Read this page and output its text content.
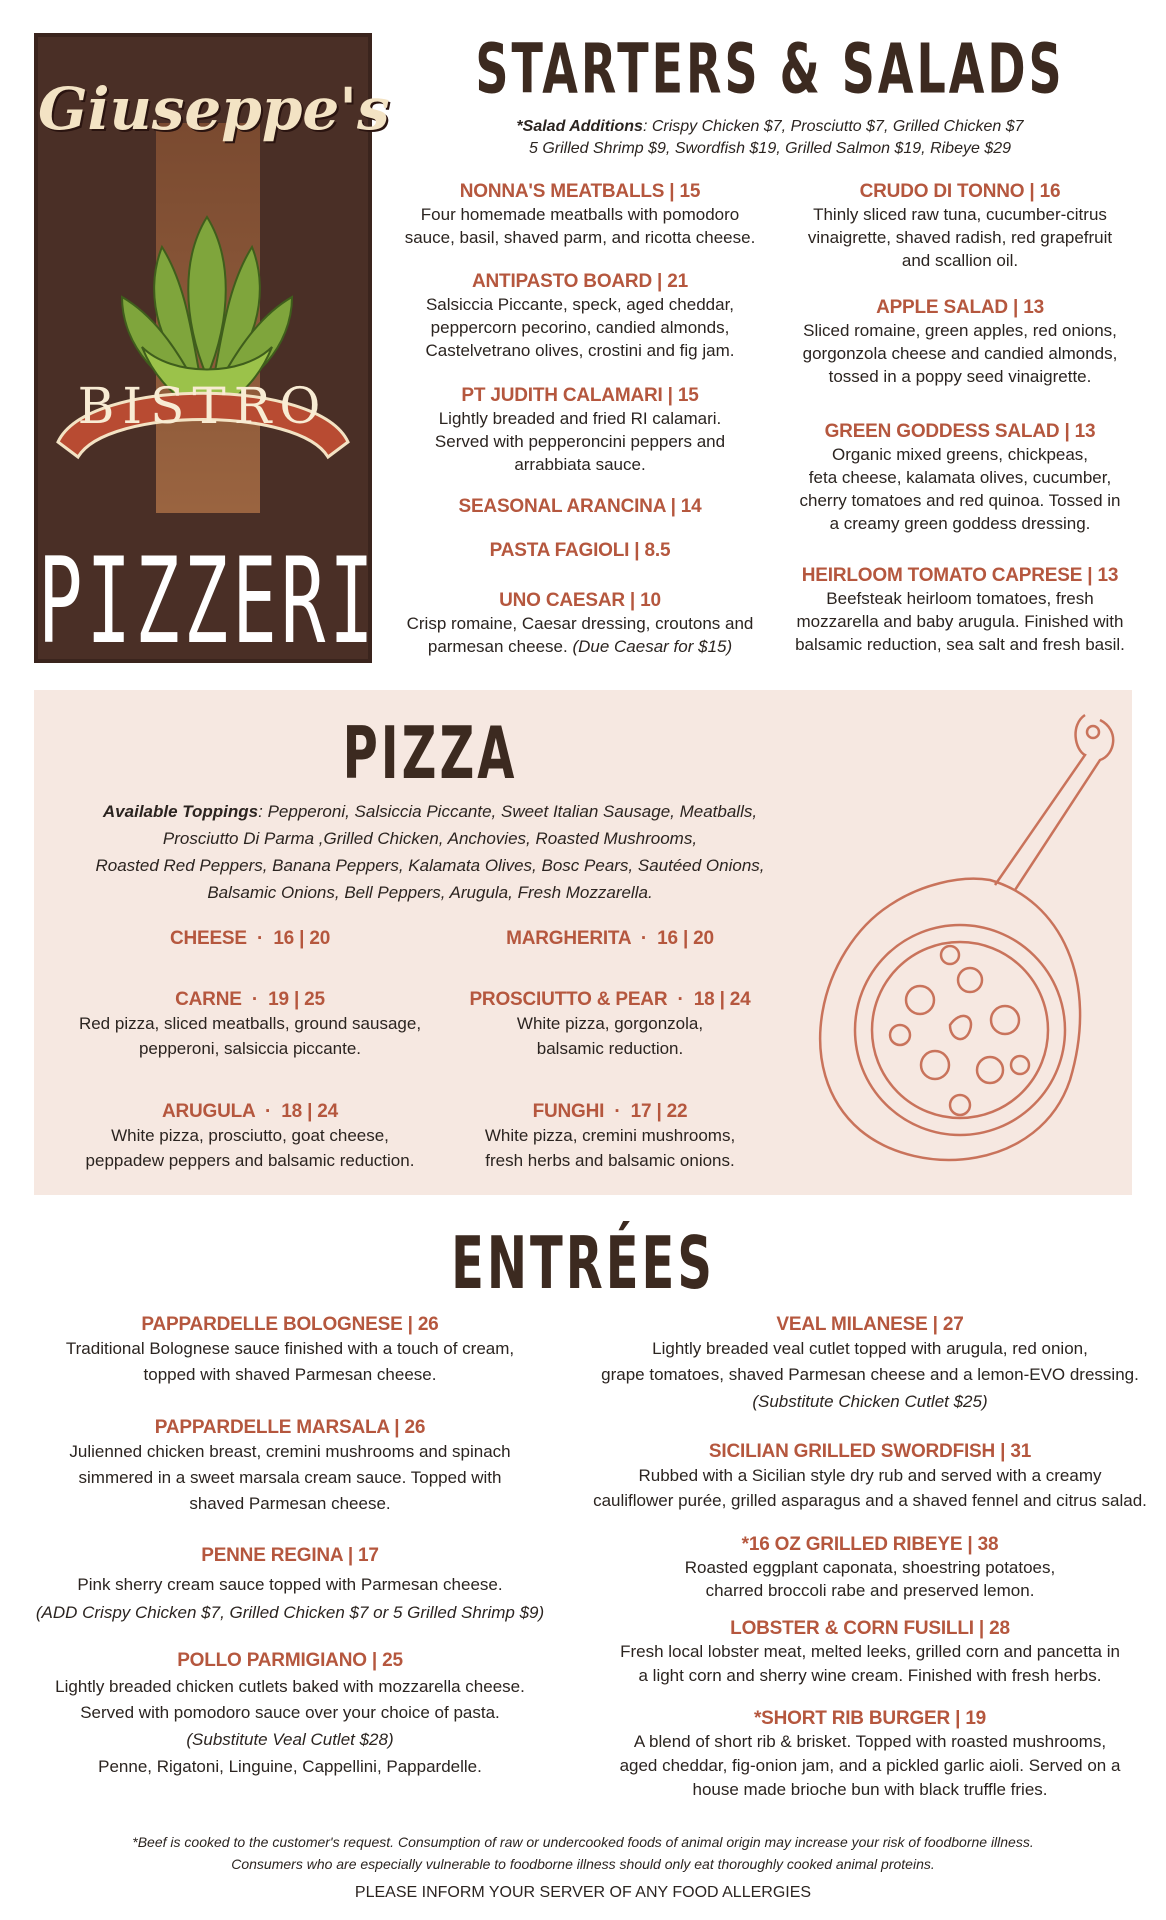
Giuseppe's
BISTRO
PIZZERIA
STARTERS & SALADS
*Salad Additions: Crispy Chicken $7, Prosciutto $7, Grilled Chicken $7
5 Grilled Shrimp $9, Swordfish $19, Grilled Salmon $19, Ribeye $29
NONNA'S MEATBALLS | 15
Four homemade meatballs with pomodoro
sauce, basil, shaved parm, and ricotta cheese.
ANTIPASTO BOARD | 21
Salsiccia Piccante, speck, aged cheddar,
peppercorn pecorino, candied almonds,
Castelvetrano olives, crostini and fig jam.
PT JUDITH CALAMARI | 15
Lightly breaded and fried RI calamari.
Served with pepperoncini peppers and
arrabbiata sauce.
SEASONAL ARANCINA | 14
PASTA FAGIOLI | 8.5
UNO CAESAR | 10
Crisp romaine, Caesar dressing, croutons and
parmesan cheese. (Due Caesar for $15)
CRUDO DI TONNO | 16
Thinly sliced raw tuna, cucumber-citrus
vinaigrette, shaved radish, red grapefruit
and scallion oil.
APPLE SALAD | 13
Sliced romaine, green apples, red onions,
gorgonzola cheese and candied almonds,
tossed in a poppy seed vinaigrette.
GREEN GODDESS SALAD | 13
Organic mixed greens, chickpeas,
feta cheese, kalamata olives, cucumber,
cherry tomatoes and red quinoa. Tossed in
a creamy green goddess dressing.
HEIRLOOM TOMATO CAPRESE | 13
Beefsteak heirloom tomatoes, fresh
mozzarella and baby arugula. Finished with
balsamic reduction, sea salt and fresh basil.
PIZZA
Available Toppings: Pepperoni, Salsiccia Piccante, Sweet Italian Sausage, Meatballs,
Prosciutto Di Parma ,Grilled Chicken, Anchovies, Roasted Mushrooms,
Roasted Red Peppers, Banana Peppers, Kalamata Olives, Bosc Pears, Sautéed Onions,
Balsamic Onions, Bell Peppers, Arugula, Fresh Mozzarella.
CHEESE  ·  16 | 20	MARGHERITA  ·  16 | 20
CARNE  ·  19 | 25
Red pizza, sliced meatballs, ground sausage,
pepperoni, salsiccia piccante.
PROSCIUTTO & PEAR  ·  18 | 24
White pizza, gorgonzola,
balsamic reduction.
ARUGULA  ·  18 | 24
White pizza, prosciutto, goat cheese,
peppadew peppers and balsamic reduction.
FUNGHI  ·  17 | 22
White pizza, cremini mushrooms,
fresh herbs and balsamic onions.
ENTRÉES
PAPPARDELLE BOLOGNESE | 26
Traditional Bolognese sauce finished with a touch of cream,
topped with shaved Parmesan cheese.
PAPPARDELLE MARSALA | 26
Julienned chicken breast, cremini mushrooms and spinach
simmered in a sweet marsala cream sauce. Topped with
shaved Parmesan cheese.
PENNE REGINA | 17
Pink sherry cream sauce topped with Parmesan cheese.
(ADD Crispy Chicken $7, Grilled Chicken $7 or 5 Grilled Shrimp $9)
POLLO PARMIGIANO | 25
Lightly breaded chicken cutlets baked with mozzarella cheese.
Served with pomodoro sauce over your choice of pasta.
(Substitute Veal Cutlet $28)
Penne, Rigatoni, Linguine, Cappellini, Pappardelle.
VEAL MILANESE | 27
Lightly breaded veal cutlet topped with arugula, red onion,
grape tomatoes, shaved Parmesan cheese and a lemon-EVO dressing.
(Substitute Chicken Cutlet $25)
SICILIAN GRILLED SWORDFISH | 31
Rubbed with a Sicilian style dry rub and served with a creamy
cauliflower purée, grilled asparagus and a shaved fennel and citrus salad.
*16 OZ GRILLED RIBEYE | 38
Roasted eggplant caponata, shoestring potatoes,
charred broccoli rabe and preserved lemon.
LOBSTER & CORN FUSILLI | 28
Fresh local lobster meat, melted leeks, grilled corn and pancetta in
a light corn and sherry wine cream. Finished with fresh herbs.
*SHORT RIB BURGER | 19
A blend of short rib & brisket. Topped with roasted mushrooms,
aged cheddar, fig-onion jam, and a pickled garlic aioli. Served on a
house made brioche bun with black truffle fries.
*Beef is cooked to the customer's request. Consumption of raw or undercooked foods of animal origin may increase your risk of foodborne illness.
Consumers who are especially vulnerable to foodborne illness should only eat thoroughly cooked animal proteins.
PLEASE INFORM YOUR SERVER OF ANY FOOD ALLERGIES
